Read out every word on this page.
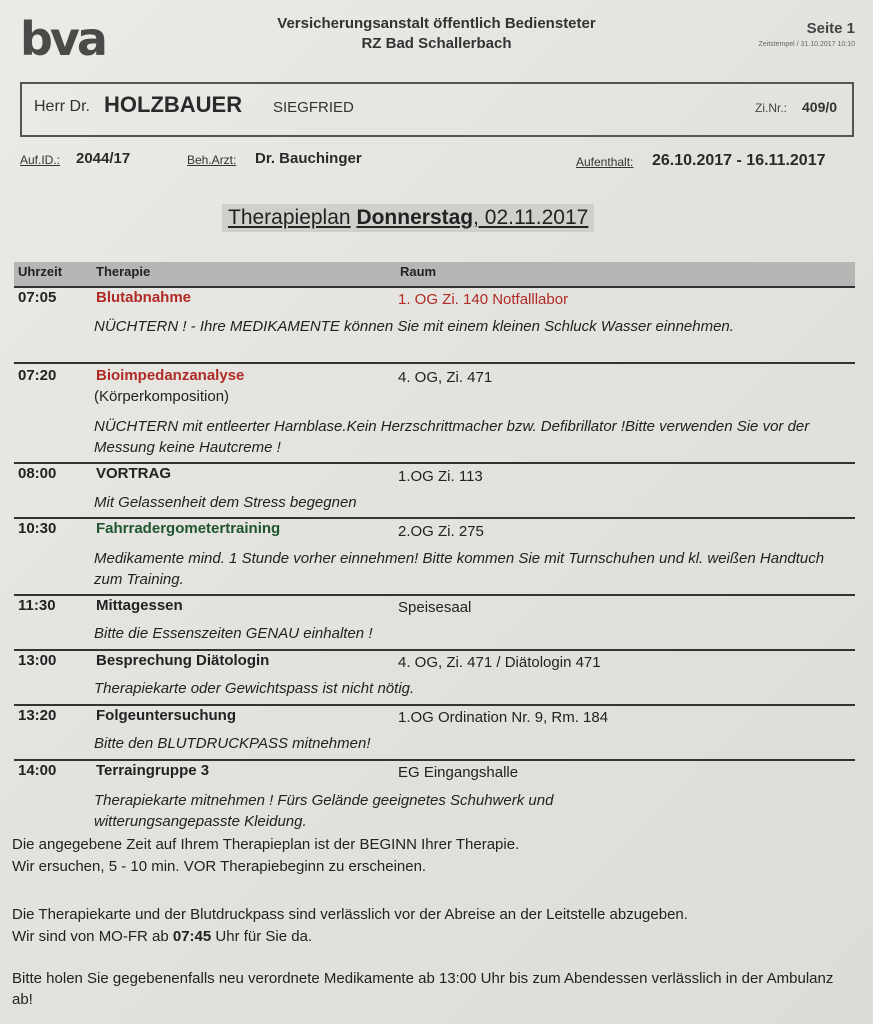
bva	Versicherungsanstalt öffentlich Bediensteter
RZ Bad Schallerbach
Seite 1
Zeitstempel / 31.10.2017 10:10
Herr Dr. HOLZBAUER SIEGFRIED	Zi.Nr.: 409/0
Auf.ID.: 2044/17	Beh.Arzt: Dr. Bauchinger	Aufenthalt: 26.10.2017 - 16.11.2017
Therapieplan Donnerstag, 02.11.2017
Uhrzeit	Therapie	Raum
07:05	Blutabnahme	1. OG Zi. 140 Notfalllabor
NÜCHTERN ! - Ihre MEDIKAMENTE können Sie mit einem kleinen Schluck Wasser einnehmen.
07:20	Bioimpedanzanalyse	4. OG, Zi. 471
(Körperkomposition)
NÜCHTERN mit entleerter Harnblase.Kein Herzschrittmacher bzw. Defibrillator !Bitte verwenden Sie vor der Messung keine Hautcreme !
08:00	VORTRAG	1.OG Zi. 113
Mit Gelassenheit dem Stress begegnen
10:30	Fahrradergometertraining	2.OG Zi. 275
Medikamente mind. 1 Stunde vorher einnehmen! Bitte kommen Sie mit Turnschuhen und kl. weißen Handtuch zum Training.
11:30	Mittagessen	Speisesaal
Bitte die Essenszeiten GENAU einhalten !
13:00	Besprechung Diätologin	4. OG, Zi. 471 / Diätologin 471
Therapiekarte oder Gewichtspass ist nicht nötig.
13:20	Folgeuntersuchung	1.OG Ordination Nr. 9, Rm. 184
Bitte den BLUTDRUCKPASS mitnehmen!
14:00	Terraingruppe 3	EG Eingangshalle
Therapiekarte mitnehmen ! Fürs Gelände geeignetes Schuhwerk und witterungsangepasste Kleidung.
Die angegebene Zeit auf Ihrem Therapieplan ist der BEGINN Ihrer Therapie.
Wir ersuchen, 5 - 10 min. VOR Therapiebeginn zu erscheinen.
Die Therapiekarte und der Blutdruckpass sind verlässlich vor der Abreise an der Leitstelle abzugeben.
Wir sind von MO-FR ab 07:45 Uhr für Sie da.
Bitte holen Sie gegebenenfalls neu verordnete Medikamente ab 13:00 Uhr bis zum Abendessen verlässlich in der Ambulanz ab!
